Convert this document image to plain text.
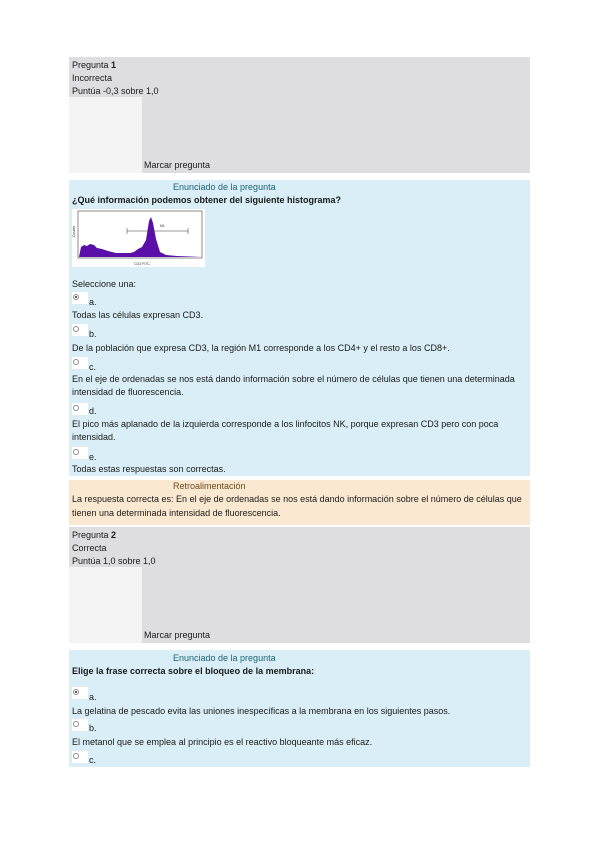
Pregunta 1
Incorrecta
Puntúa -0,3 sobre 1,0
Marcar pregunta
Enunciado de la pregunta
¿Qué información podemos obtener del siguiente histograma?
M1
Counts
CD3 FITC
Seleccione una:
a.
Todas las células expresan CD3.
b.
De la población que expresa CD3, la región M1 corresponde a los CD4+ y el resto a los CD8+.
c.
En el eje de ordenadas se nos está dando información sobre el número de células que tienen una determinada intensidad de fluorescencia.
d.
El pico más aplanado de la izquierda corresponde a los linfocitos NK, porque expresan CD3 pero con poca intensidad.
e.
Todas estas respuestas son correctas.
Retroalimentación
La respuesta correcta es: En el eje de ordenadas se nos está dando información sobre el número de células que tienen una determinada intensidad de fluorescencia.
Pregunta 2
Correcta
Puntúa 1,0 sobre 1,0
Marcar pregunta
Enunciado de la pregunta
Elige la frase correcta sobre el bloqueo de la membrana:
a.
La gelatina de pescado evita las uniones inespecíficas a la membrana en los siguientes pasos.
b.
El metanol que se emplea al principio es el reactivo bloqueante más eficaz.
c.
